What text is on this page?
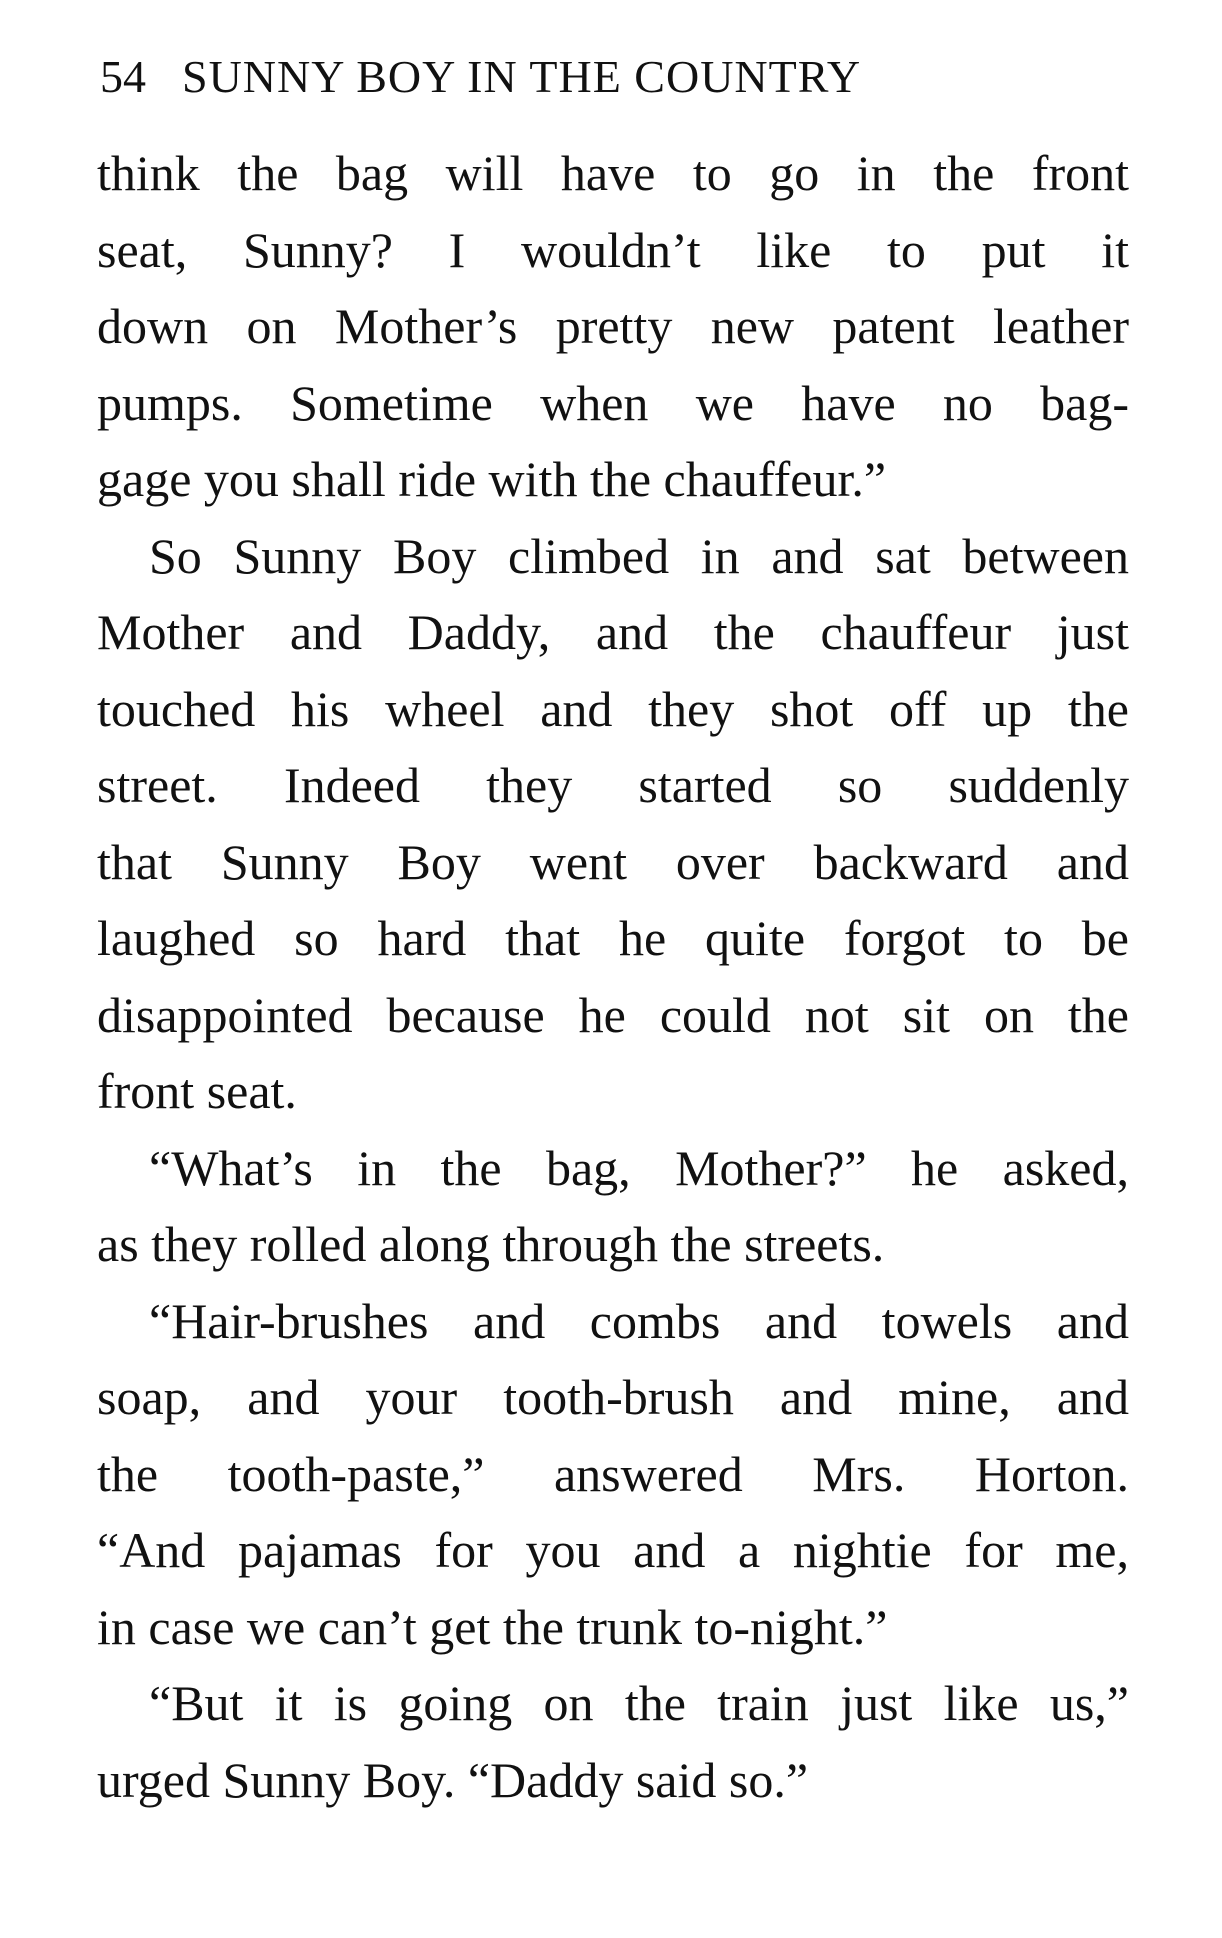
54 SUNNY BOY IN THE COUNTRY
think the bag will have to go in the front
seat, Sunny? I wouldn’t like to put it
down on Mother’s pretty new patent leather
pumps. Sometime when we have no bag-
gage you shall ride with the chauffeur.”
So Sunny Boy climbed in and sat between
Mother and Daddy, and the chauffeur just
touched his wheel and they shot off up the
street. Indeed they started so suddenly
that Sunny Boy went over backward and
laughed so hard that he quite forgot to be
disappointed because he could not sit on the
front seat.
“What’s in the bag, Mother?” he asked,
as they rolled along through the streets.
“Hair-brushes and combs and towels and
soap, and your tooth-brush and mine, and
the tooth-paste,” answered Mrs. Horton.
“And pajamas for you and a nightie for me,
in case we can’t get the trunk to-night.”
“But it is going on the train just like us,”
urged Sunny Boy. “Daddy said so.”
